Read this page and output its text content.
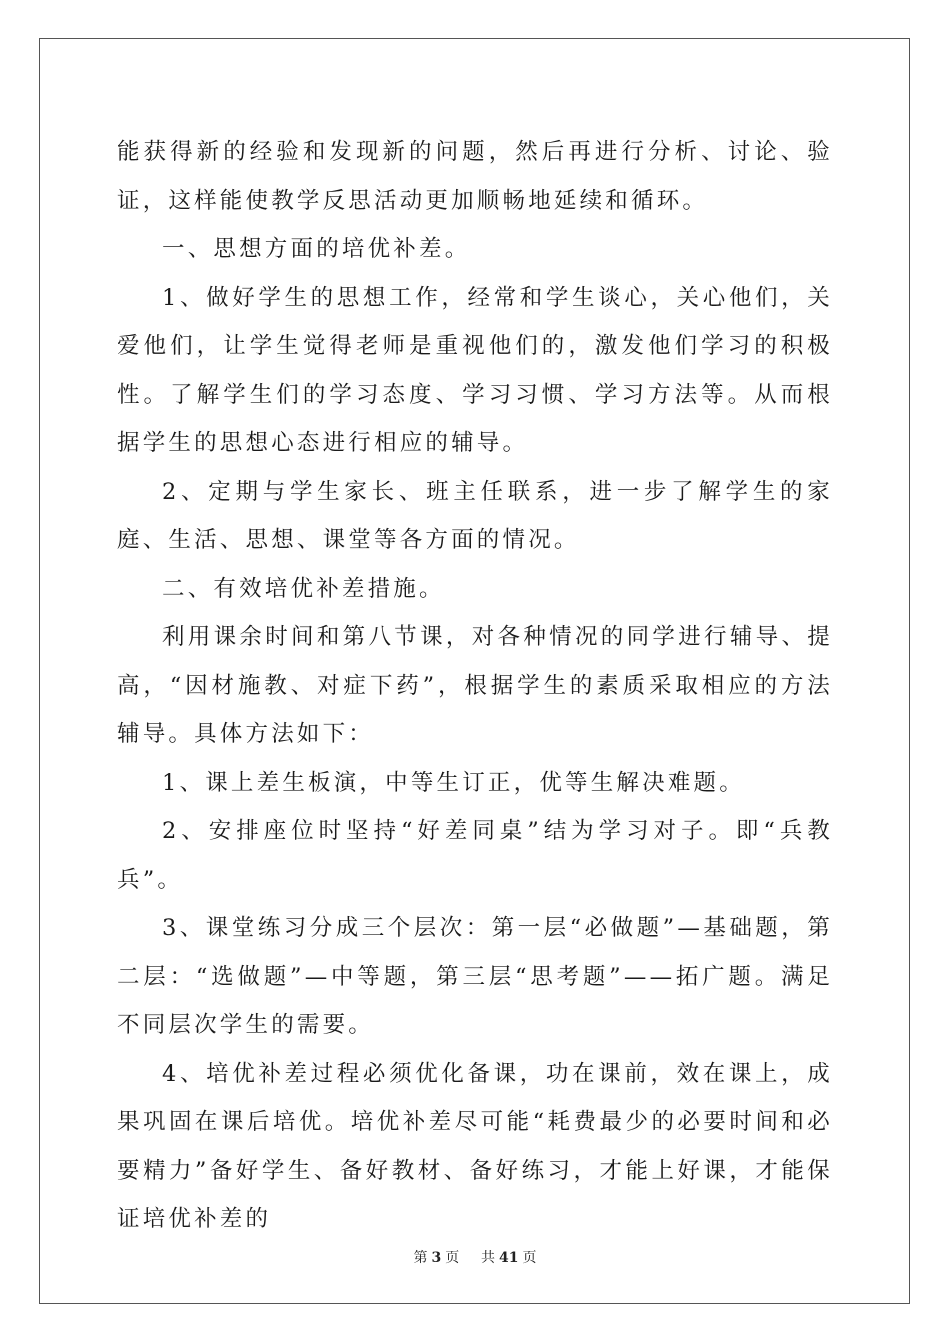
能获得新的经验和发现新的问题，然后再进行分析、讨论、验证，这样能使教学反思活动更加顺畅地延续和循环。

一、思想方面的培优补差。

1、做好学生的思想工作，经常和学生谈心，关心他们，关爱他们，让学生觉得老师是重视他们的，激发他们学习的积极性。了解学生们的学习态度、学习习惯、学习方法等。从而根据学生的思想心态进行相应的辅导。

2、定期与学生家长、班主任联系，进一步了解学生的家庭、生活、思想、课堂等各方面的情况。

二、有效培优补差措施。

利用课余时间和第八节课，对各种情况的同学进行辅导、提高，“因材施教、对症下药”，根据学生的素质采取相应的方法辅导。具体方法如下：

1、课上差生板演，中等生订正，优等生解决难题。

2、安排座位时坚持“好差同桌”结为学习对子。即“兵教兵”。

3、课堂练习分成三个层次：第一层“必做题”—基础题，第二层：“选做题”—中等题，第三层“思考题”——拓广题。满足不同层次学生的需要。

4、培优补差过程必须优化备课，功在课前，效在课上，成果巩固在课后培优。培优补差尽可能“耗费最少的必要时间和必要精力”备好学生、备好教材、备好练习，才能上好课，才能保证培优补差的

第 3 页 共 41 页
